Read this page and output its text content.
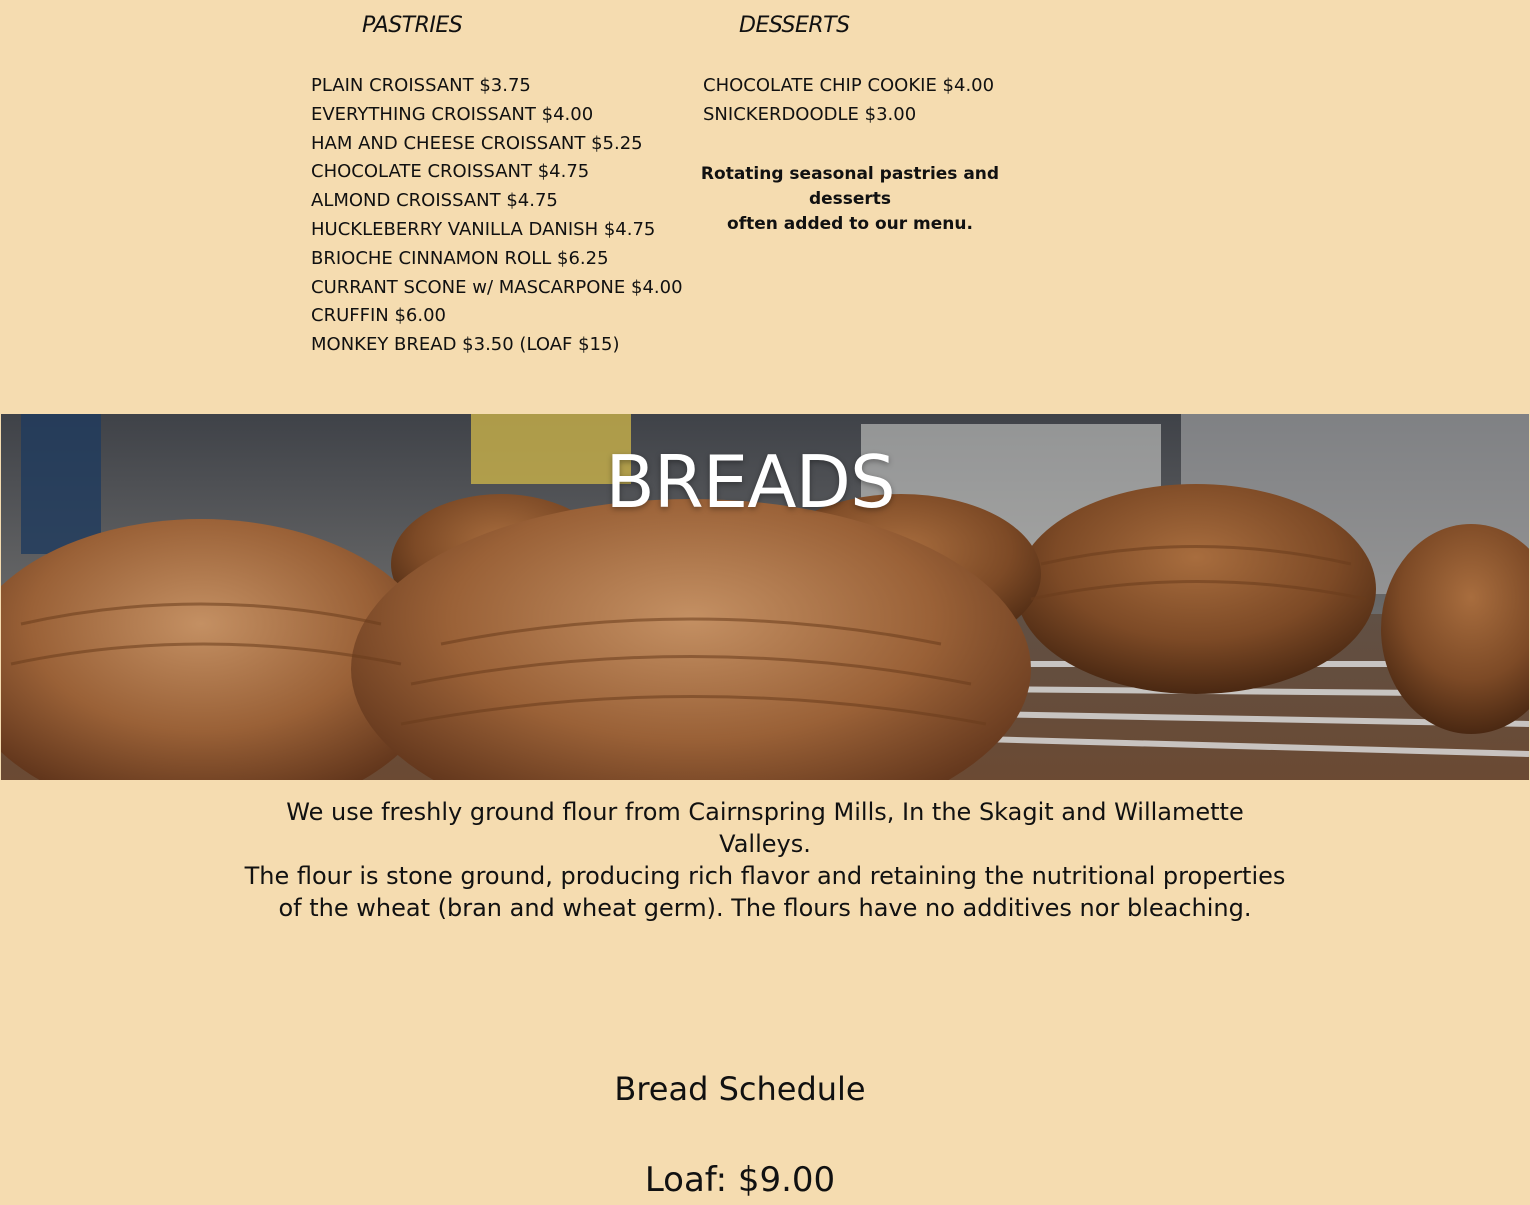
PASTRIES
PLAIN CROISSANT $3.75
EVERYTHING CROISSANT $4.00
HAM AND CHEESE CROISSANT $5.25
CHOCOLATE CROISSANT $4.75
ALMOND CROISSANT $4.75
HUCKLEBERRY VANILLA DANISH $4.75
BRIOCHE CINNAMON ROLL $6.25
CURRANT SCONE w/ MASCARPONE $4.00
CRUFFIN $6.00
MONKEY BREAD $3.50 (LOAF $15)
DESSERTS
CHOCOLATE CHIP COOKIE $4.00
SNICKERDOODLE $3.00
Rotating seasonal pastries and desserts
often added to our menu.
BREADS
We use freshly ground flour from Cairnspring Mills, In the Skagit and Willamette Valleys.
The flour is stone ground, producing rich flavor and retaining the nutritional properties of the wheat (bran and wheat germ). The flours have no additives nor bleaching.
Bread Schedule
Loaf: $9.00
